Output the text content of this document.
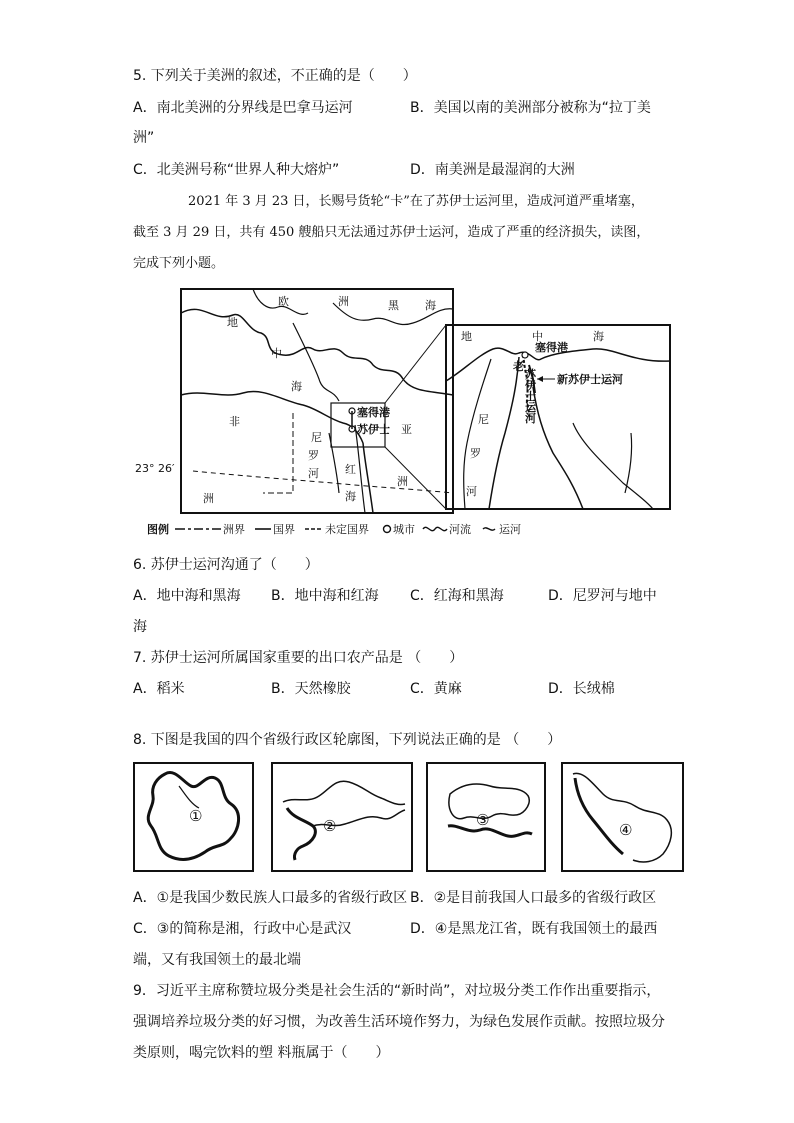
5. 下列关于美洲的叙述，不正确的是（　　）
A．南北美洲的分界线是巴拿马运河	B．美国以南的美洲部分被称为“拉丁美
洲”
C．北美洲号称“世界人种大熔炉”	D．南美洲是最湿润的大洲
2021 年 3 月 23 日，长赐号货轮“卡”在了苏伊士运河里，造成河道严重堵塞，
截至 3 月 29 日，共有 450 艘船只无法通过苏伊士运河，造成了严重的经济损失，读图，
完成下列小题。
欧	洲	黑 海
地
中
海
非
洲
亚
洲
尼
罗
河 红
海
塞得港
苏伊士
23° 26′
地	中	海
塞得港
老
苏
伊
士
运
河
新苏伊士运河
尼
罗
河
图例	洲界	国界	未定国界 城市	河流	运河
6. 苏伊士运河沟通了（　　）
A．地中海和黑海 B．地中海和红海 C．红海和黑海	D．尼罗河与地中
海
7. 苏伊士运河所属国家重要的出口农产品是 （　　）
A．稻米	B．天然橡胶	C．黄麻	D．长绒棉
8. 下图是我国的四个省级行政区轮廓图，下列说法正确的是 （　　）
①
②	③
④
A．①是我国少数民族人口最多的省级行政区 B．②是目前我国人口最多的省级行政区
C．③的简称是湘，行政中心是武汉	D．④是黑龙江省，既有我国领土的最西
端，又有我国领土的最北端
9．习近平主席称赞垃圾分类是社会生活的“新时尚”，对垃圾分类工作作出重要指示，
强调培养垃圾分类的好习惯，为改善生活环境作努力，为绿色发展作贡献。按照垃圾分
类原则，喝完饮料的塑 料瓶属于（　　）
